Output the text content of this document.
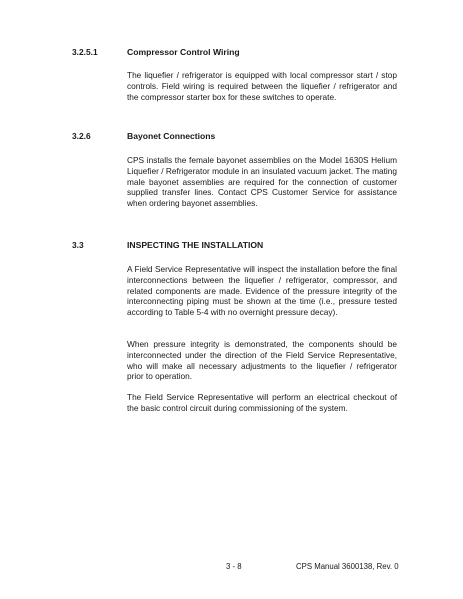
3.2.5.1	Compressor Control Wiring

The liquefier / refrigerator is equipped with local compressor start / stop controls. Field wiring is required between the liquefier / refrigerator and the compressor starter box for these switches to operate.

3.2.6	Bayonet Connections

CPS installs the female bayonet assemblies on the Model 1630S Helium Liquefier / Refrigerator module in an insulated vacuum jacket. The mating male bayonet assemblies are required for the connection of customer supplied transfer lines. Contact CPS Customer Service for assistance when ordering bayonet assemblies.

3.3	INSPECTING THE INSTALLATION

A Field Service Representative will inspect the installation before the final interconnections between the liquefier / refrigerator, compressor, and related components are made. Evidence of the pressure integrity of the interconnecting piping must be shown at the time (i.e., pressure tested according to Table 5-4 with no overnight pressure decay).

When pressure integrity is demonstrated, the components should be interconnected under the direction of the Field Service Representative, who will make all necessary adjustments to the liquefier / refrigerator prior to operation.

The Field Service Representative will perform an electrical checkout of the basic control circuit during commissioning of the system.

3 - 8	CPS Manual 3600138, Rev. 0
